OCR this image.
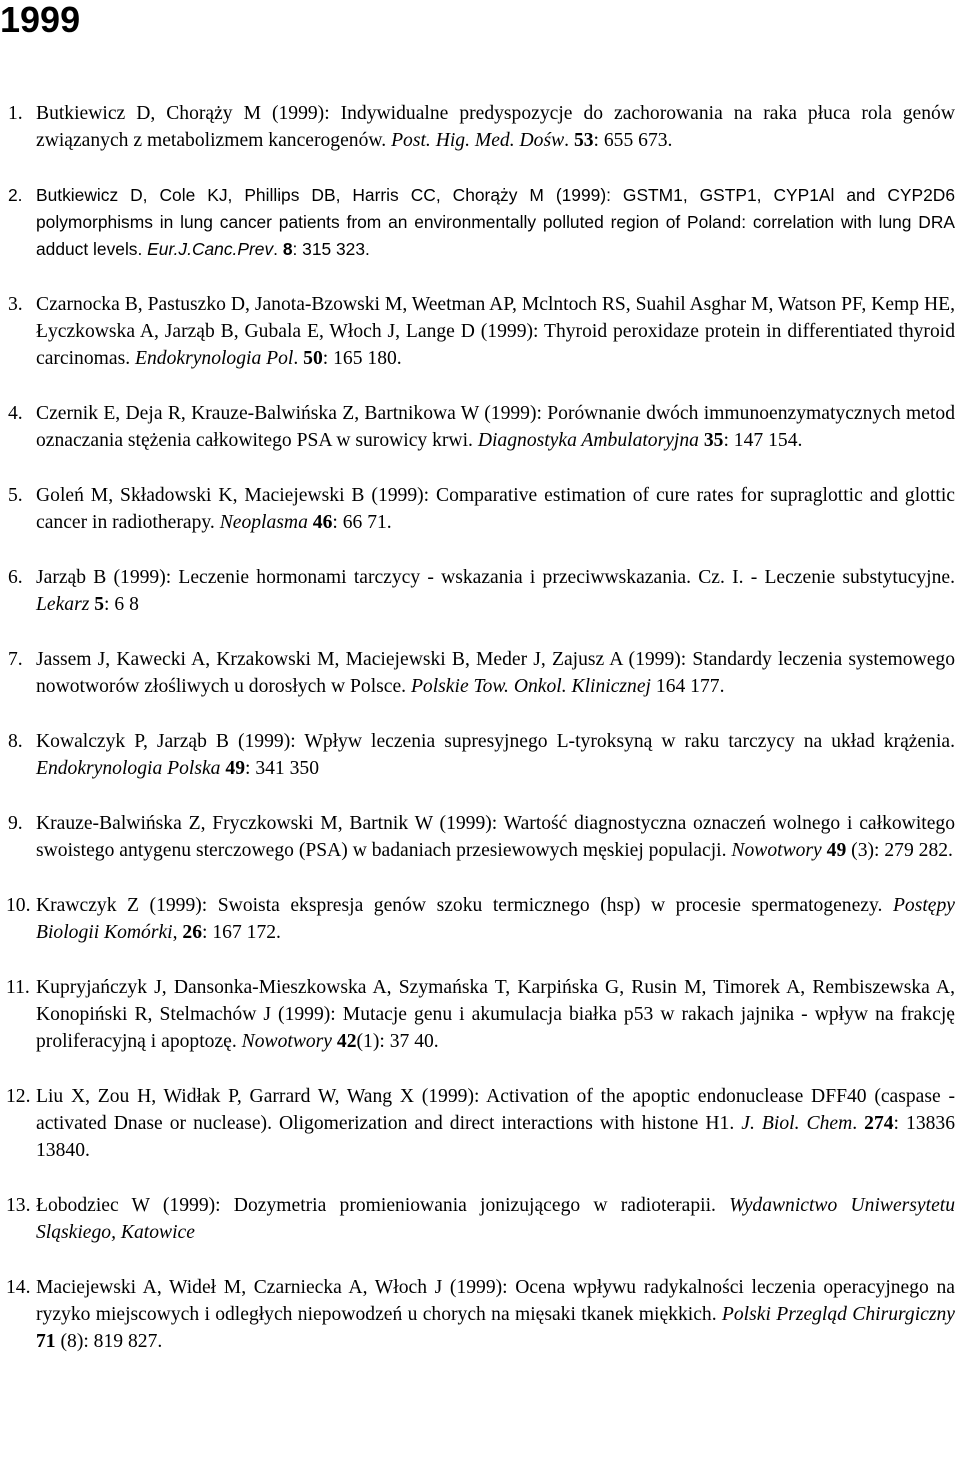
1999
1. Butkiewicz D, Chorąży M (1999): Indywidualne predyspozycje do zachorowania na raka płuca rola genów związanych z metabolizmem kancerogenów. Post. Hig. Med. Dośw. 53: 655 673.
2. Butkiewicz D, Cole KJ, Phillips DB, Harris CC, Chorąży M (1999): GSTM1, GSTP1, CYP1Al and CYP2D6 polymorphisms in lung cancer patients from an environmentally polluted region of Poland: correlation with lung DRA adduct levels. Eur.J.Canc.Prev. 8: 315 323.
3. Czarnocka B, Pastuszko D, Janota-Bzowski M, Weetman AP, Mclntoch RS, Suahil Asghar M, Watson PF, Kemp HE, Łyczkowska A, Jarząb B, Gubala E, Włoch J, Lange D (1999): Thyroid peroxidaze protein in differentiated thyroid carcinomas. Endokrynologia Pol. 50: 165 180.
4. Czernik E, Deja R, Krauze-Balwińska Z, Bartnikowa W (1999): Porównanie dwóch immunoenzymatycznych metod oznaczania stężenia całkowitego PSA w surowicy krwi. Diagnostyka Ambulatoryjna 35: 147 154.
5. Goleń M, Składowski K, Maciejewski B (1999): Comparative estimation of cure rates for supraglottic and glottic cancer in radiotherapy. Neoplasma 46: 66 71.
6. Jarząb B (1999): Leczenie hormonami tarczycy - wskazania i przeciwwskazania. Cz. I. - Leczenie substytucyjne. Lekarz 5: 6 8
7. Jassem J, Kawecki A, Krzakowski M, Maciejewski B, Meder J, Zajusz A (1999): Standardy leczenia systemowego nowotworów złośliwych u dorosłych w Polsce. Polskie Tow. Onkol. Klinicznej 164 177.
8. Kowalczyk P, Jarząb B (1999): Wpływ leczenia supresyjnego L-tyroksyną w raku tarczycy na układ krążenia. Endokrynologia Polska 49: 341 350
9. Krauze-Balwińska Z, Fryczkowski M, Bartnik W (1999): Wartość diagnostyczna oznaczeń wolnego i całkowitego swoistego antygenu sterczowego (PSA) w badaniach przesiewowych męskiej populacji. Nowotwory 49 (3): 279 282.
10. Krawczyk Z (1999): Swoista ekspresja genów szoku termicznego (hsp) w procesie spermatogenezy. Postępy Biologii Komórki, 26: 167 172.
11. Kupryjańczyk J, Dansonka-Mieszkowska A, Szymańska T, Karpińska G, Rusin M, Timorek A, Rembiszewska A, Konopiński R, Stelmachów J (1999): Mutacje genu i akumulacja białka p53 w rakach jajnika - wpływ na frakcję proliferacyjną i apoptozę. Nowotwory 42(1): 37 40.
12. Liu X, Zou H, Widłak P, Garrard W, Wang X (1999): Activation of the apoptic endonuclease DFF40 (caspase - activated Dnase or nuclease). Oligomerization and direct interactions with histone H1. J. Biol. Chem. 274: 13836 13840.
13. Łobodziec W (1999): Dozymetria promieniowania jonizującego w radioterapii. Wydawnictwo Uniwersytetu Sląskiego, Katowice
14. Maciejewski A, Wideł M, Czarniecka A, Włoch J (1999): Ocena wpływu radykalności leczenia operacyjnego na ryzyko miejscowych i odległych niepowodzeń u chorych na mięsaki tkanek miękkich. Polski Przegląd Chirurgiczny 71 (8): 819 827.
